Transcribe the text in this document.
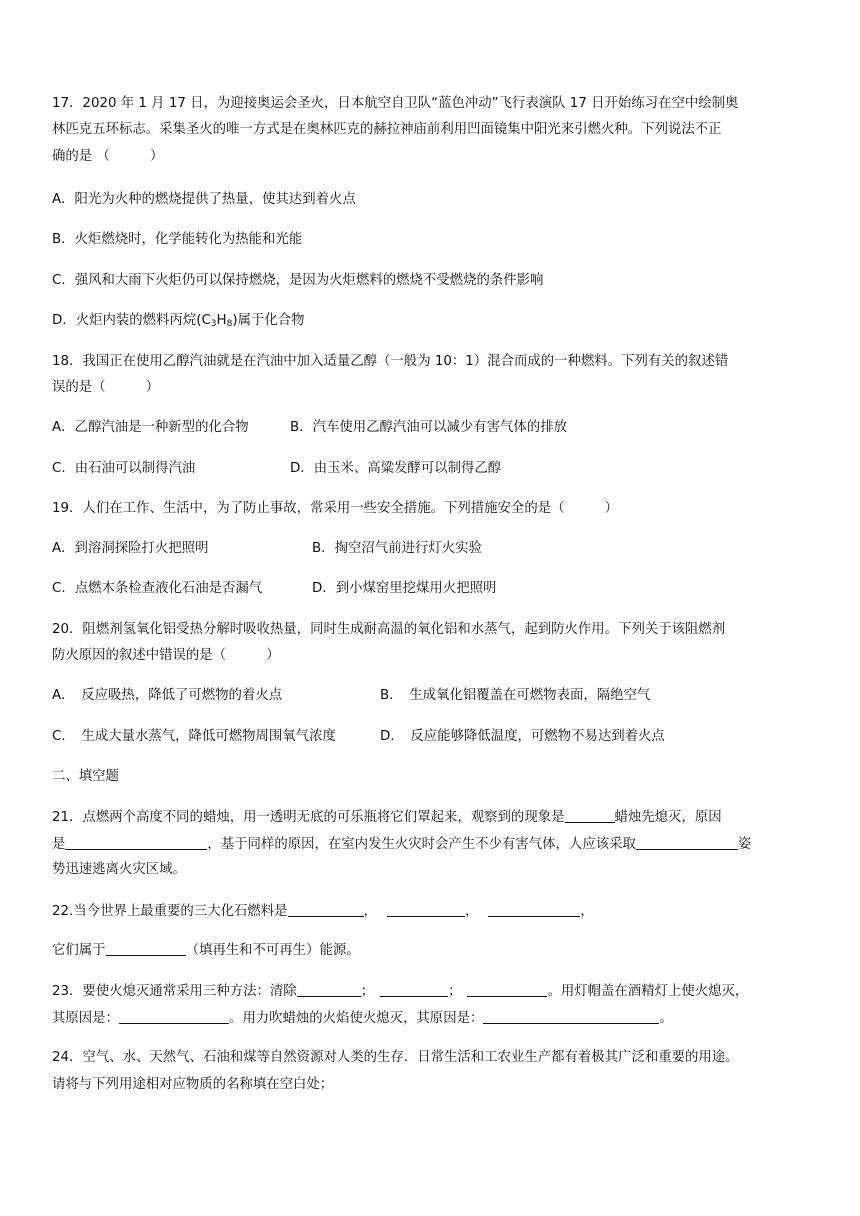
17．2020 年 1 月 17 日，为迎接奥运会圣火，日本航空自卫队“蓝色冲动”飞行表演队 17 日开始练习在空中绘制奥
林匹克五环标志。采集圣火的唯一方式是在奥林匹克的赫拉神庙前利用凹面镜集中阳光来引燃火种。下列说法不正
确的是 （　　　）
A．阳光为火种的燃烧提供了热量，使其达到着火点
B．火炬燃烧时，化学能转化为热能和光能
C．强风和大雨下火炬仍可以保持燃烧，是因为火炬燃料的燃烧不受燃烧的条件影响
D．火炬内装的燃料丙烷$(C_3H_8)$属于化合物
18．我国正在使用乙醇汽油就是在汽油中加入适量乙醇（一般为 10：1）混合而成的一种燃料。下列有关的叙述错
误的是（　　　）
A．乙醇汽油是一种新型的化合物	B．汽车使用乙醇汽油可以减少有害气体的排放
C．由石油可以制得汽油	D．由玉米、高粱发酵可以制得乙醇
19．人们在工作、生活中，为了防止事故，常采用一些安全措施。下列措施安全的是（　　　）
A．到溶洞探险打火把照明	B．掏空沼气前进行灯火实验
C．点燃木条检查液化石油是否漏气	D．到小煤窑里挖煤用火把照明
20．阻燃剂氢氧化铝受热分解时吸收热量，同时生成耐高温的氧化铝和水蒸气，起到防火作用。下列关于该阻燃剂
防火原因的叙述中错误的是（　　　）
A．　反应吸热，降低了可燃物的着火点	B．　生成氧化铝覆盖在可燃物表面，隔绝空气
C．　生成大量水蒸气，降低可燃物周围氧气浓度	D．　反应能够降低温度，可燃物不易达到着火点
二、填空题
21．点燃两个高度不同的蜡烛，用一透明无底的可乐瓶将它们罩起来，观察到的现象是	蜡烛先熄灭，原因
是	，基于同样的原因，在室内发生火灾时会产生不少有害气体，人应该采取	姿
势迅速逃离火灾区域。
22.当今世界上最重要的三大化石燃料是	，	，	，
它们属于	（填再生和不可再生）能源。
23．要使火熄灭通常采用三种方法：清除	；	；	。用灯帽盖在酒精灯上使火熄灭，
其原因是：	。用力吹蜡烛的火焰使火熄灭，其原因是：	。
24．空气、水、天然气、石油和煤等自然资源对人类的生存．日常生活和工农业生产都有着极其广泛和重要的用途。
请将与下列用途相对应物质的名称填在空白处；
